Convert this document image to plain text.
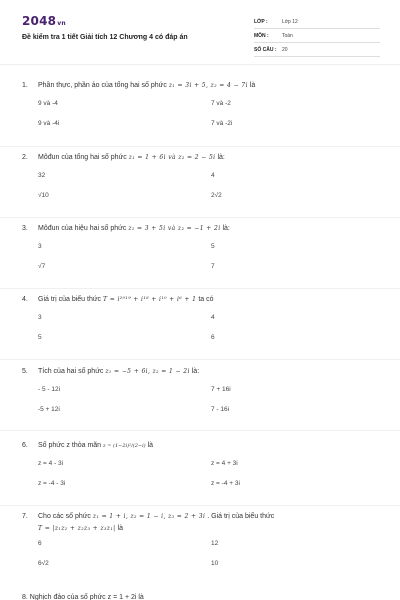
2048vn
Đề kiểm tra 1 tiết Giải tích 12 Chương 4 có đáp án
LỚP :	Lớp 12
MÔN :	Toán
SỐ CÂU :	20
1.	Phần thực, phần ảo của tổng hai số phức z₁ = 3i + 5, z₂ = 4 − 7i là
9 và -4	7 và -2
9 và -4i	7 và -2i
2.	Môđun của tổng hai số phức z₁ = 1 + 6i và z₂ = 2 − 5i là:
32	4
√10	2√2
3.	Môđun của hiệu hai số phức z₁ = 3 + 5i và z₂ = −1 + 2i là:
3	5
√7	7
4.	Giá trị của biểu thức T = i²⁰¹⁹ + i¹⁸ + i¹⁰ + i⁶ + 1 ta có
3	4
5	6
5.	Tích của hai số phức z₁ = −5 + 6i, z₂ = 1 − 2i là:
- 5 - 12i	7 + 16i
-5 + 12i	7 - 16i
6.	Số phức z thỏa mãn z = (1−2i)²/(2−i) là
z = 4 - 3i	z = 4 + 3i
z = -4 - 3i	z = -4 + 3i
7.	Cho các số phức z₁ = 1 + i, z₂ = 1 − i, z₃ = 2 + 3i . Giá trị của biểu thức
T = |z₁z₂ + z₂z₃ + z₃z₁| là
6	12
6√2	10
8. Nghịch đảo của số phức z = 1 + 2i là
